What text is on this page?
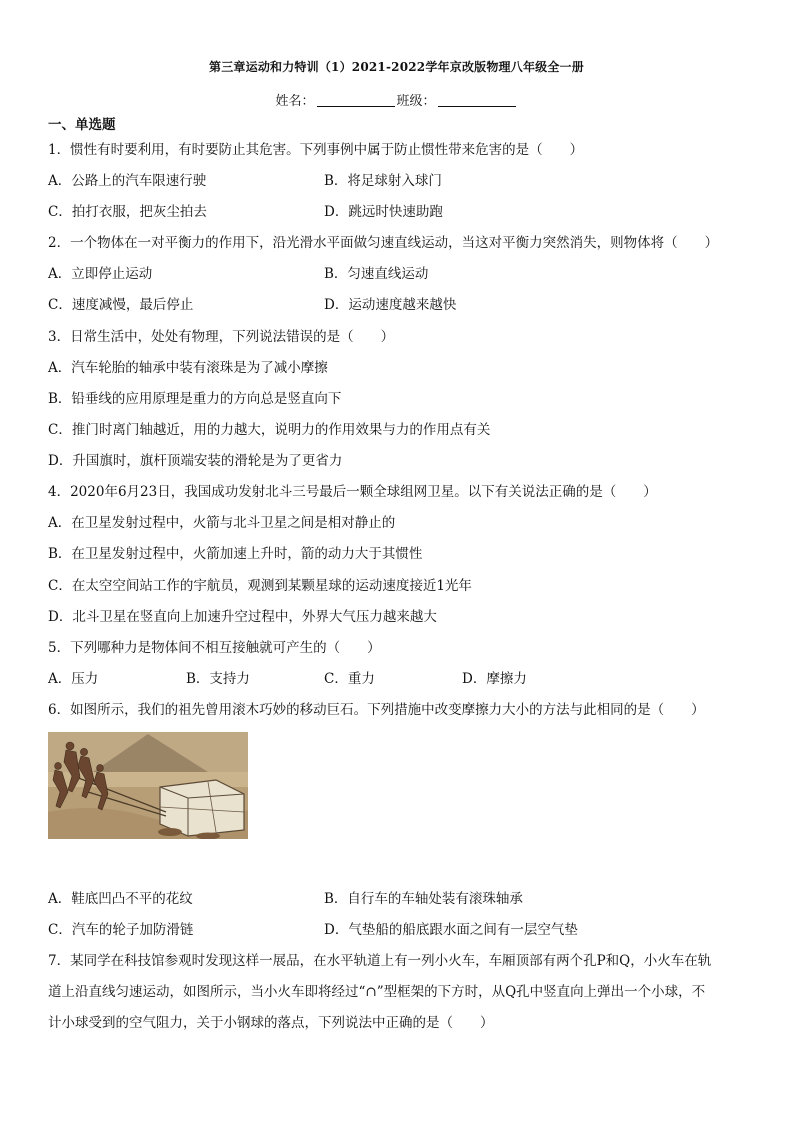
第三章运动和力特训（1）2021-2022学年京改版物理八年级全一册
姓名：	班级：
一、单选题
1．惯性有时要利用，有时要防止其危害。下列事例中属于防止惯性带来危害的是（　　）
A．公路上的汽车限速行驶	B．将足球射入球门
C．拍打衣服，把灰尘拍去	D．跳远时快速助跑
2．一个物体在一对平衡力的作用下，沿光滑水平面做匀速直线运动，当这对平衡力突然消失，则物体将（　　）
A．立即停止运动	B．匀速直线运动
C．速度减慢，最后停止	D．运动速度越来越快
3．日常生活中，处处有物理，下列说法错误的是（　　）
A．汽车轮胎的轴承中装有滚珠是为了减小摩擦
B．铅垂线的应用原理是重力的方向总是竖直向下
C．推门时离门轴越近，用的力越大，说明力的作用效果与力的作用点有关
D．升国旗时，旗杆顶端安装的滑轮是为了更省力
4．2020年6月23日，我国成功发射北斗三号最后一颗全球组网卫星。以下有关说法正确的是（　　）
A．在卫星发射过程中，火箭与北斗卫星之间是相对静止的
B．在卫星发射过程中，火箭加速上升时，箭的动力大于其惯性
C．在太空空间站工作的宇航员，观测到某颗星球的运动速度接近1光年
D．北斗卫星在竖直向上加速升空过程中，外界大气压力越来越大
5．下列哪种力是物体间不相互接触就可产生的（　　）
A．压力	B．支持力	C．重力	D．摩擦力
6．如图所示，我们的祖先曾用滚木巧妙的移动巨石。下列措施中改变摩擦力大小的方法与此相同的是（　　）
A．鞋底凹凸不平的花纹	B．自行车的车轴处装有滚珠轴承
C．汽车的轮子加防滑链	D．气垫船的船底跟水面之间有一层空气垫
7．某同学在科技馆参观时发现这样一展品，在水平轨道上有一列小火车，车厢顶部有两个孔P和Q，小火车在轨
道上沿直线匀速运动，如图所示，当小火车即将经过“∩”型框架的下方时，从Q孔中竖直向上弹出一个小球，不
计小球受到的空气阻力，关于小钢球的落点，下列说法中正确的是（　　）
